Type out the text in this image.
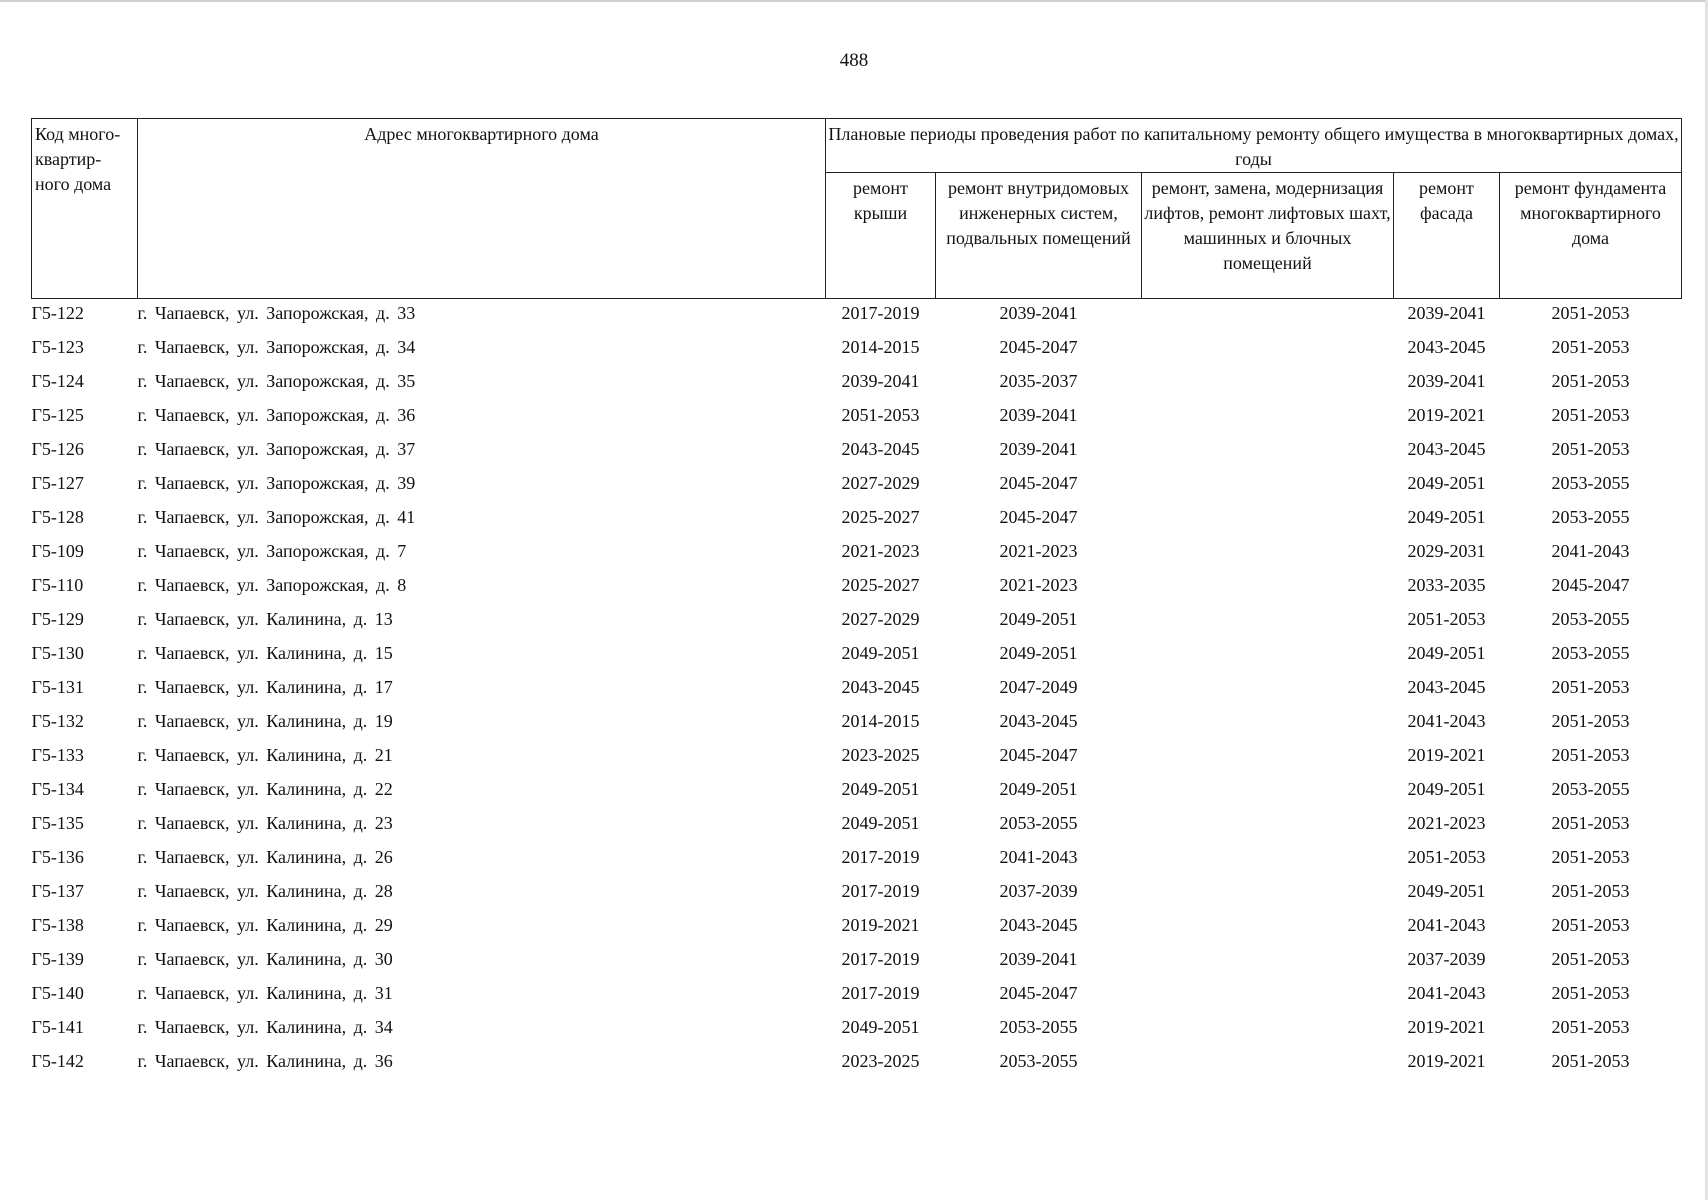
488
Код много-квартир-ного дома	Адрес многоквартирного дома	Плановые периоды проведения работ по капитальному ремонту общего имущества в многоквартирных домах, годы				
		ремонт крыши	ремонт внутридомовых инженерных систем, подвальных помещений	ремонт, замена, модернизация лифтов, ремонт лифтовых шахт, машинных и блочных помещений	ремонт фасада	ремонт фундамента многоквартирного дома
Г5-122	г. Чапаевск, ул. Запорожская, д. 33	2017-2019	2039-2041		2039-2041	2051-2053
Г5-123	г. Чапаевск, ул. Запорожская, д. 34	2014-2015	2045-2047		2043-2045	2051-2053
Г5-124	г. Чапаевск, ул. Запорожская, д. 35	2039-2041	2035-2037		2039-2041	2051-2053
Г5-125	г. Чапаевск, ул. Запорожская, д. 36	2051-2053	2039-2041		2019-2021	2051-2053
Г5-126	г. Чапаевск, ул. Запорожская, д. 37	2043-2045	2039-2041		2043-2045	2051-2053
Г5-127	г. Чапаевск, ул. Запорожская, д. 39	2027-2029	2045-2047		2049-2051	2053-2055
Г5-128	г. Чапаевск, ул. Запорожская, д. 41	2025-2027	2045-2047		2049-2051	2053-2055
Г5-109	г. Чапаевск, ул. Запорожская, д. 7	2021-2023	2021-2023		2029-2031	2041-2043
Г5-110	г. Чапаевск, ул. Запорожская, д. 8	2025-2027	2021-2023		2033-2035	2045-2047
Г5-129	г. Чапаевск, ул. Калинина, д. 13	2027-2029	2049-2051		2051-2053	2053-2055
Г5-130	г. Чапаевск, ул. Калинина, д. 15	2049-2051	2049-2051		2049-2051	2053-2055
Г5-131	г. Чапаевск, ул. Калинина, д. 17	2043-2045	2047-2049		2043-2045	2051-2053
Г5-132	г. Чапаевск, ул. Калинина, д. 19	2014-2015	2043-2045		2041-2043	2051-2053
Г5-133	г. Чапаевск, ул. Калинина, д. 21	2023-2025	2045-2047		2019-2021	2051-2053
Г5-134	г. Чапаевск, ул. Калинина, д. 22	2049-2051	2049-2051		2049-2051	2053-2055
Г5-135	г. Чапаевск, ул. Калинина, д. 23	2049-2051	2053-2055		2021-2023	2051-2053
Г5-136	г. Чапаевск, ул. Калинина, д. 26	2017-2019	2041-2043		2051-2053	2051-2053
Г5-137	г. Чапаевск, ул. Калинина, д. 28	2017-2019	2037-2039		2049-2051	2051-2053
Г5-138	г. Чапаевск, ул. Калинина, д. 29	2019-2021	2043-2045		2041-2043	2051-2053
Г5-139	г. Чапаевск, ул. Калинина, д. 30	2017-2019	2039-2041		2037-2039	2051-2053
Г5-140	г. Чапаевск, ул. Калинина, д. 31	2017-2019	2045-2047		2041-2043	2051-2053
Г5-141	г. Чапаевск, ул. Калинина, д. 34	2049-2051	2053-2055		2019-2021	2051-2053
Г5-142	г. Чапаевск, ул. Калинина, д. 36	2023-2025	2053-2055		2019-2021	2051-2053
